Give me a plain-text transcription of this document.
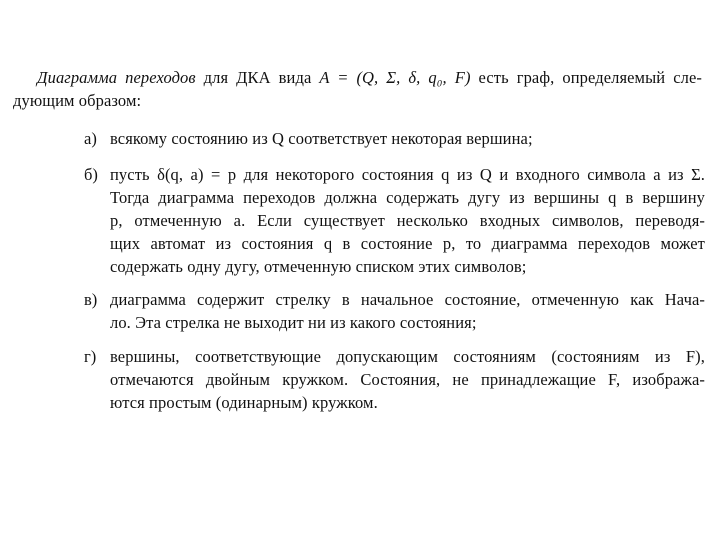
Диаграмма переходов для ДКА вида A = (Q, Σ, δ, q₀, F) есть граф, определяемый сле-
дующим образом:
а) всякому состоянию из Q соответствует некоторая вершина;
б) пусть δ(q, a) = p для некоторого состояния q из Q и входного символа a из Σ.
Тогда диаграмма переходов должна содержать дугу из вершины q в вершину
p, отмеченную a. Если существует несколько входных символов, переводя-
щих автомат из состояния q в состояние p, то диаграмма переходов может
содержать одну дугу, отмеченную списком этих символов;
в) диаграмма содержит стрелку в начальное состояние, отмеченную как Нача-
ло. Эта стрелка не выходит ни из какого состояния;
г) вершины, соответствующие допускающим состояниям (состояниям из F),
отмечаются двойным кружком. Состояния, не принадлежащие F, изобража-
ются простым (одинарным) кружком.
